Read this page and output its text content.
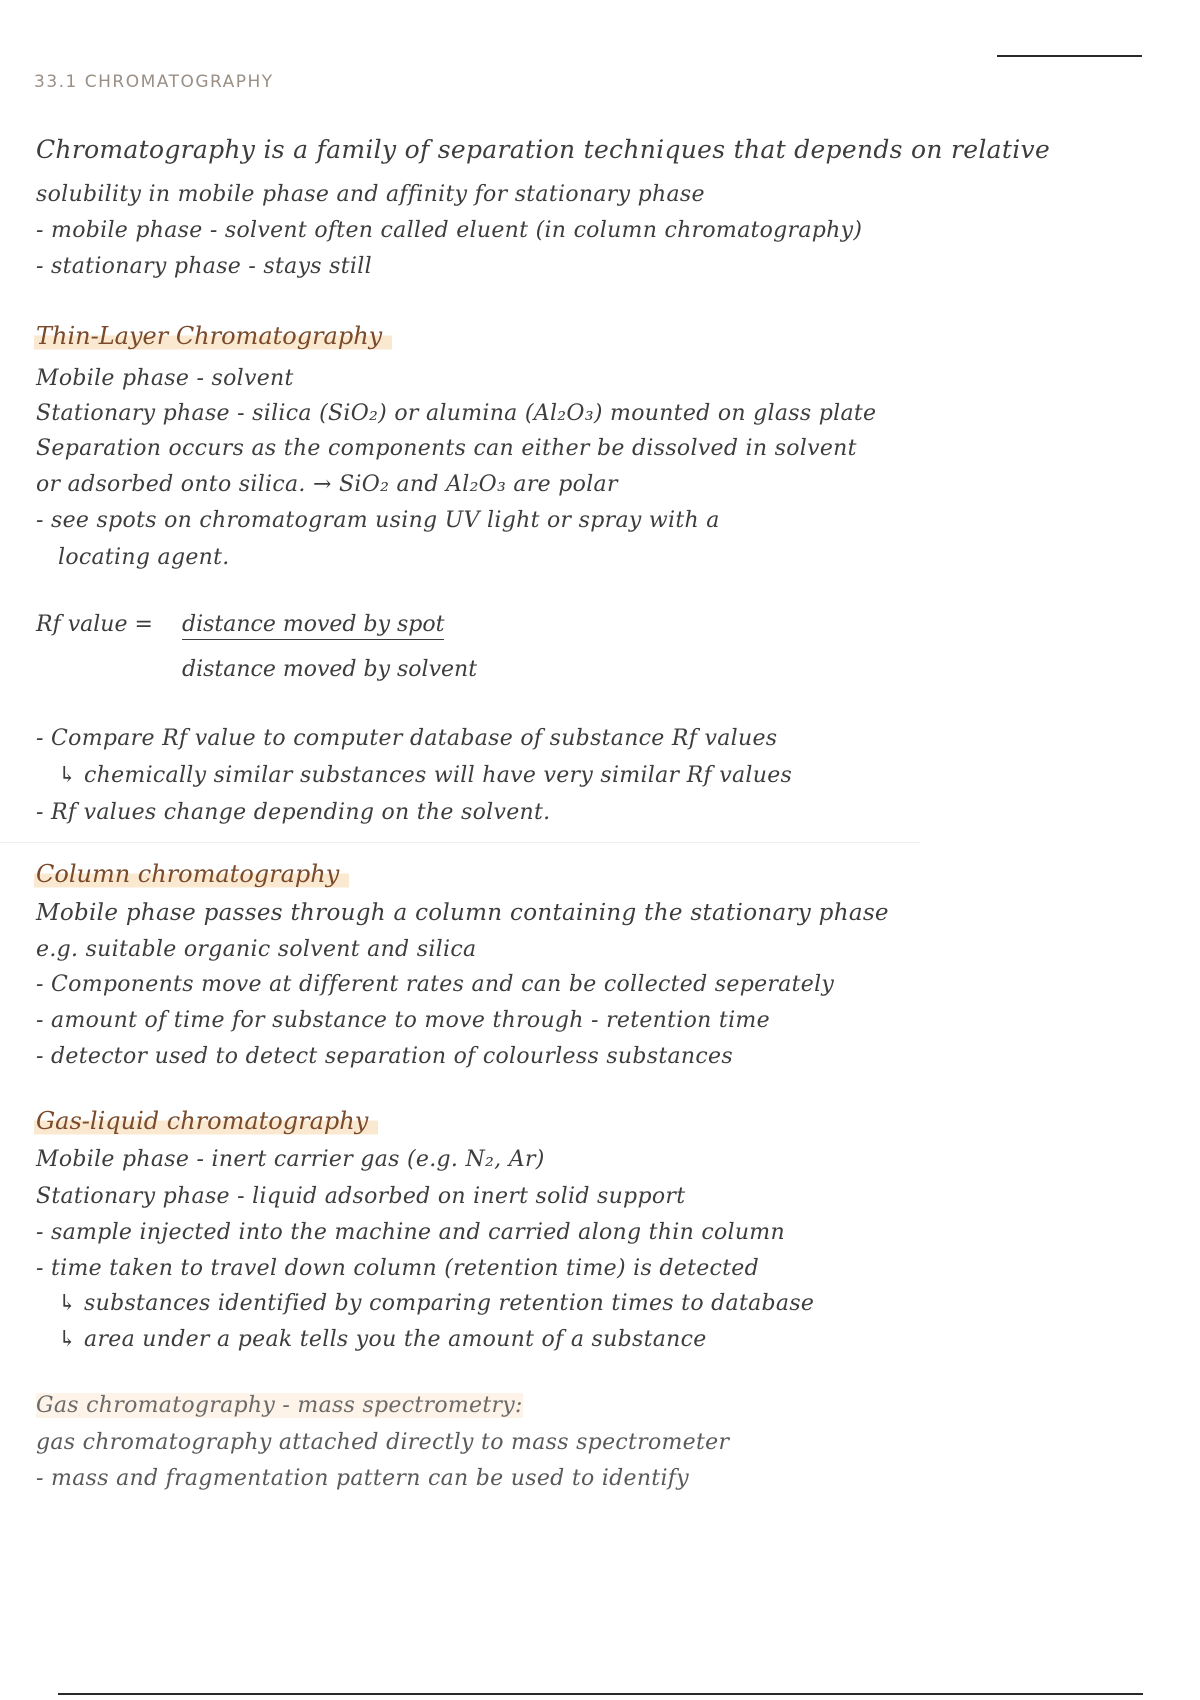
33.1 CHROMATOGRAPHY
Chromatography is a family of separation techniques that depends on relative
solubility in mobile phase and affinity for stationary phase
- mobile phase - solvent often called eluent (in column chromatography)
- stationary phase - stays still
Thin-Layer Chromatography
Mobile phase - solvent
Stationary phase - silica (SiO₂) or alumina (Al₂O₃) mounted on glass plate
Separation occurs as the components can either be dissolved in solvent
or adsorbed onto silica. → SiO₂ and Al₂O₃ are polar
- see spots on chromatogram using UV light or spray with a
locating agent.
Rf value = distance moved by spot
distance moved by solvent
- Compare Rf value to computer database of substance Rf values
↳ chemically similar substances will have very similar Rf values
- Rf values change depending on the solvent.
Column chromatography
Mobile phase passes through a column containing the stationary phase
e.g. suitable organic solvent and silica
- Components move at different rates and can be collected seperately
- amount of time for substance to move through - retention time
- detector used to detect separation of colourless substances
Gas-liquid chromatography
Mobile phase - inert carrier gas (e.g. N₂, Ar)
Stationary phase - liquid adsorbed on inert solid support
- sample injected into the machine and carried along thin column
- time taken to travel down column (retention time) is detected
↳ substances identified by comparing retention times to database
↳ area under a peak tells you the amount of a substance
Gas chromatography - mass spectrometry:
gas chromatography attached directly to mass spectrometer
- mass and fragmentation pattern can be used to identify
